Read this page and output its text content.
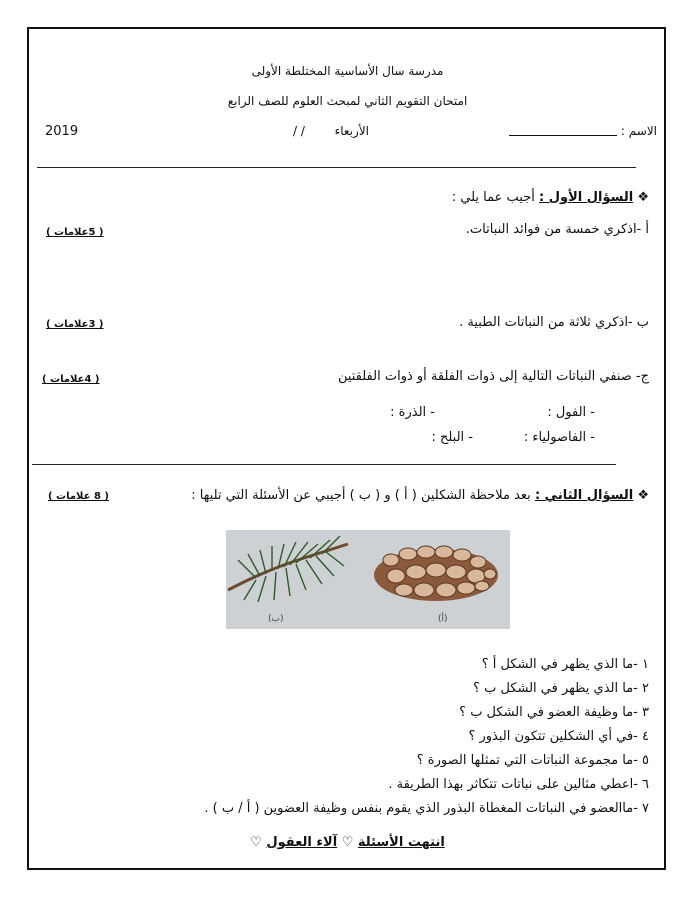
مدرسة سال الأساسية المختلطة الأولى
امتحان التقويم الثاني لمبحث العلوم للصف الرابع
2019	/ / الأربعاء	الاسم :
❖ السؤال الأول : أجيب عما يلي :
أ -اذكري خمسة من فوائد النباتات.
( 5علامات )
ب -اذكري ثلاثة من النباتات الطبية .
( 3علامات )
ج- صنفي النباتات التالية إلى ذوات الفلقة أو ذوات الفلقتين
( 4علامات )
- الفول :
- الذرة :
- الفاصولياء :
- البلح :
❖ السؤال الثاني : بعد ملاحظة الشكلين ( أ ) و ( ب ) أجيبي عن الأسئلة التي تليها :
( 8 علامات )
(ب)	(أ)
١ -ما الذي يظهر في الشكل أ ؟
٢ -ما الذي يظهر في الشكل ب ؟
٣ -ما وظيفة العضو في الشكل ب ؟
٤ -في أي الشكلين تتكون البذور ؟
٥ -ما مجموعة النباتات التي تمثلها الصورة ؟
٦ -اعطي مثالين على نباتات تتكاثر بهذا الطريقة .
٧ -ماالعضو في النباتات المغطاة البذور الذي يقوم بنفس وظيفة العضوين ( أ / ب ) .
انتهت الأسئلة ♡ آلاء العقول ♡
